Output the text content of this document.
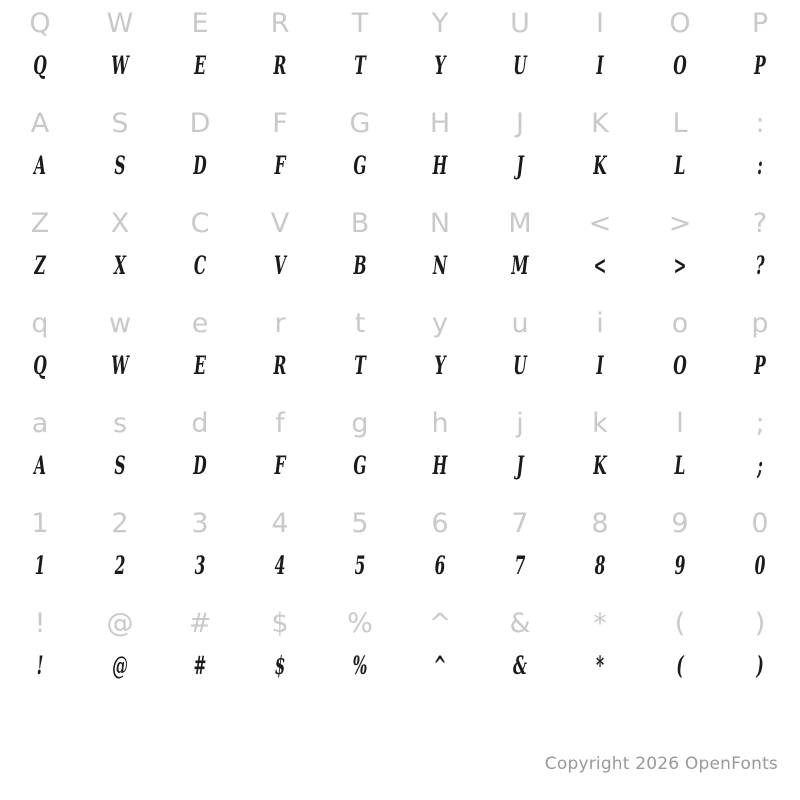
Q	W	E	R	T	Y	U	I	O	P
Q	W	E	R	T	Y	U	I	O	P
A	S	D	F	G	H	J	K	L	:
A	S	D	F	G	H	J	K	L	:
Z	X	C	V	B	N	M	<	>	?
Z	X	C	V	B	N	M	<	>	?
q	w	e	r	t	y	u	i	o	p
Q	W	E	R	T	Y	U	I	O	P
a	s	d	f	g	h	j	k	l	;
A	S	D	F	G	H	J	K	L	;
1	2	3	4	5	6	7	8	9	0
1	2	3	4	5	6	7	8	9	0
!	@	#	$	%	^	&	*	(	)
!	@	#	$	%	^	&	*	(	)
Copyright 2026 OpenFonts
